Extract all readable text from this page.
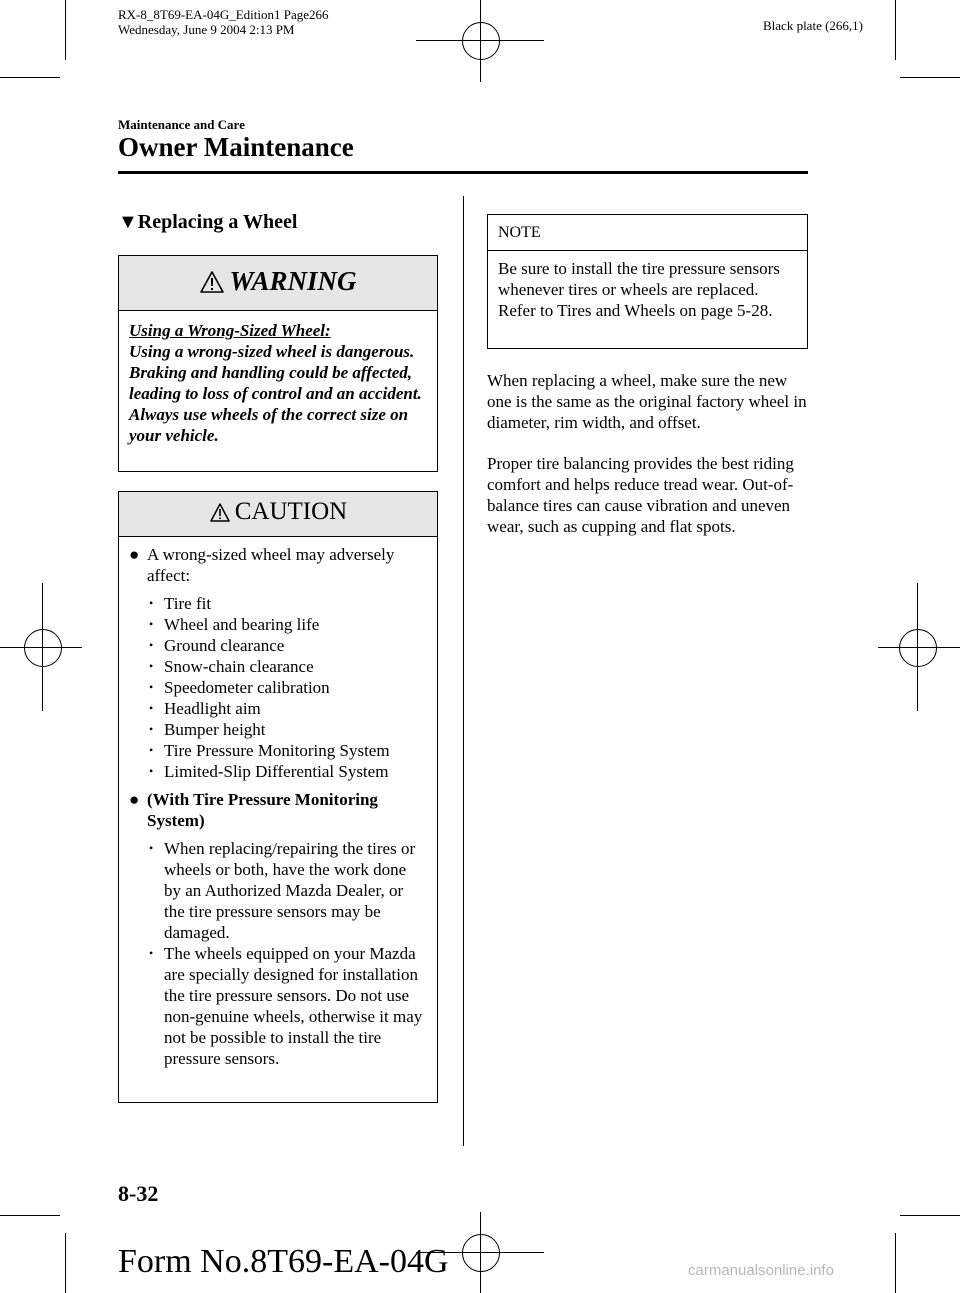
RX-8_8T69-EA-04G_Edition1 Page266
Wednesday, June 9 2004 2:13 PM	Black plate (266,1)
Maintenance and Care
Owner Maintenance
▼Replacing a Wheel
WARNING
Using a Wrong-Sized Wheel:
Using a wrong-sized wheel is dangerous. Braking and handling could be affected, leading to loss of control and an accident. Always use wheels of the correct size on your vehicle.
CAUTION
● A wrong-sized wheel may adversely affect:
• Tire fit
• Wheel and bearing life
• Ground clearance
• Snow-chain clearance
• Speedometer calibration
• Headlight aim
• Bumper height
• Tire Pressure Monitoring System
• Limited-Slip Differential System
● (With Tire Pressure Monitoring System)
• When replacing/repairing the tires or wheels or both, have the work done by an Authorized Mazda Dealer, or the tire pressure sensors may be damaged.
• The wheels equipped on your Mazda are specially designed for installation the tire pressure sensors. Do not use non-genuine wheels, otherwise it may not be possible to install the tire pressure sensors.
NOTE
Be sure to install the tire pressure sensors whenever tires or wheels are replaced. Refer to Tires and Wheels on page 5-28.

When replacing a wheel, make sure the new one is the same as the original factory wheel in diameter, rim width, and offset.

Proper tire balancing provides the best riding comfort and helps reduce tread wear. Out-of-balance tires can cause vibration and uneven wear, such as cupping and flat spots.

8-32
Form No.8T69-EA-04G	carmanualsonline.info
